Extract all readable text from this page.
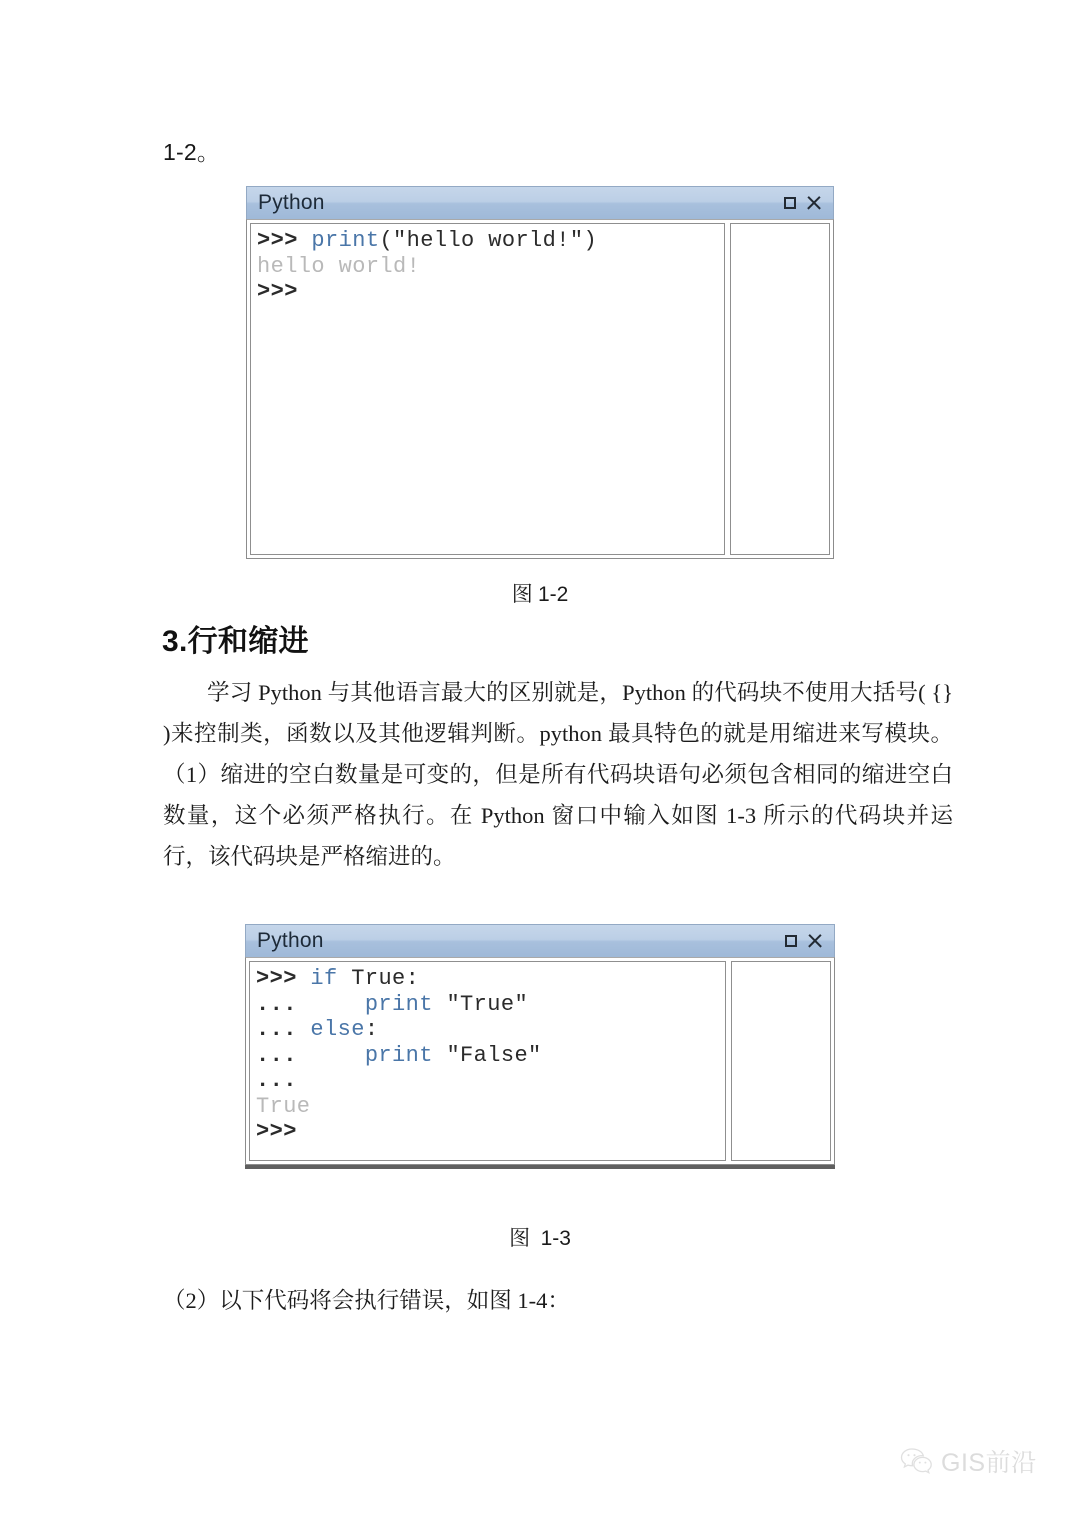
1-2。
Python
>>> print("hello world!")
hello world!
>>>
图 1-2
3.行和缩进
学习 Python 与其他语言最大的区别就是，Python 的代码块不使用大括号( {} )来控制类，函数以及其他逻辑判断。python 最具特色的就是用缩进来写模块。（1）缩进的空白数量是可变的，但是所有代码块语句必须包含相同的缩进空白数量，这个必须严格执行。在 Python 窗口中输入如图 1-3 所示的代码块并运行，该代码块是严格缩进的。
Python
>>> if True:
...     print "True"
... else:
...     print "False"
...
True
>>>
图 1-3
（2）以下代码将会执行错误，如图 1-4：
GIS前沿
